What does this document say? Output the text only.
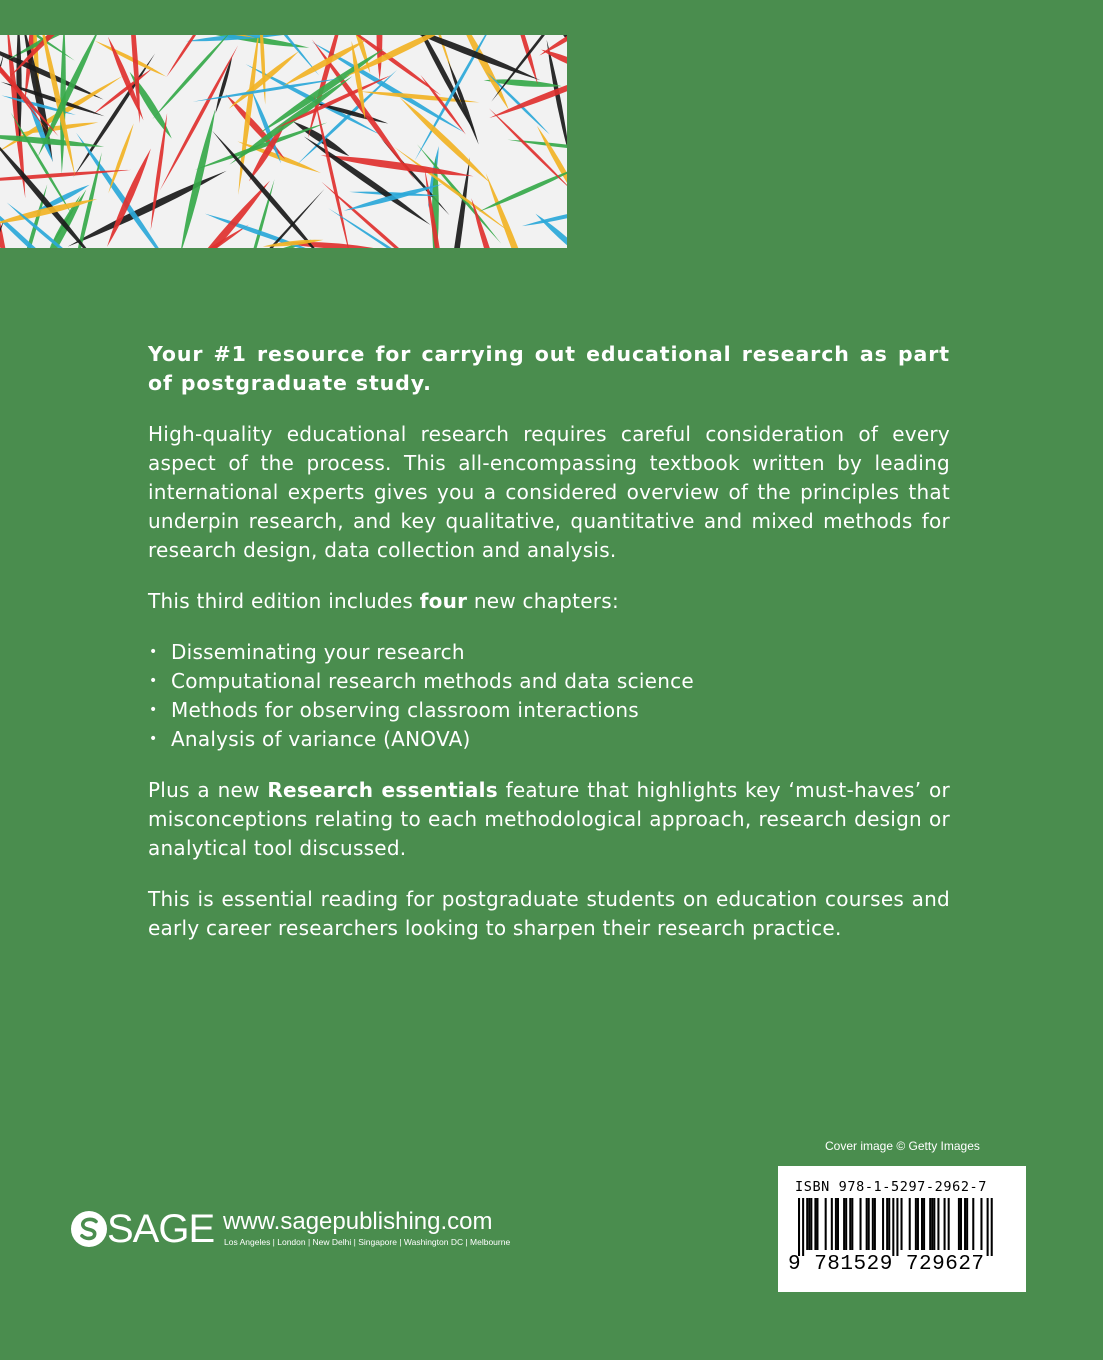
Your #1 resource for carrying out educational research as part of postgraduate study.

High-quality educational research requires careful consideration of every aspect of the process. This all-encompassing textbook written by leading international experts gives you a considered overview of the principles that underpin research, and key qualitative, quantitative and mixed methods for research design, data collection and analysis.

This third edition includes four new chapters:

• Disseminating your research
• Computational research methods and data science
• Methods for observing classroom interactions
• Analysis of variance (ANOVA)

Plus a new Research essentials feature that highlights key ‘must-haves’ or misconceptions relating to each methodological approach, research design or analytical tool discussed.

This is essential reading for postgraduate students on education courses and early career researchers looking to sharpen their research practice.

Cover image © Getty Images
ISBN 978-1-5297-2962-7
9 781529 729627
SAGE www.sagepublishing.com
Los Angeles | London | New Delhi | Singapore | Washington DC | Melbourne
